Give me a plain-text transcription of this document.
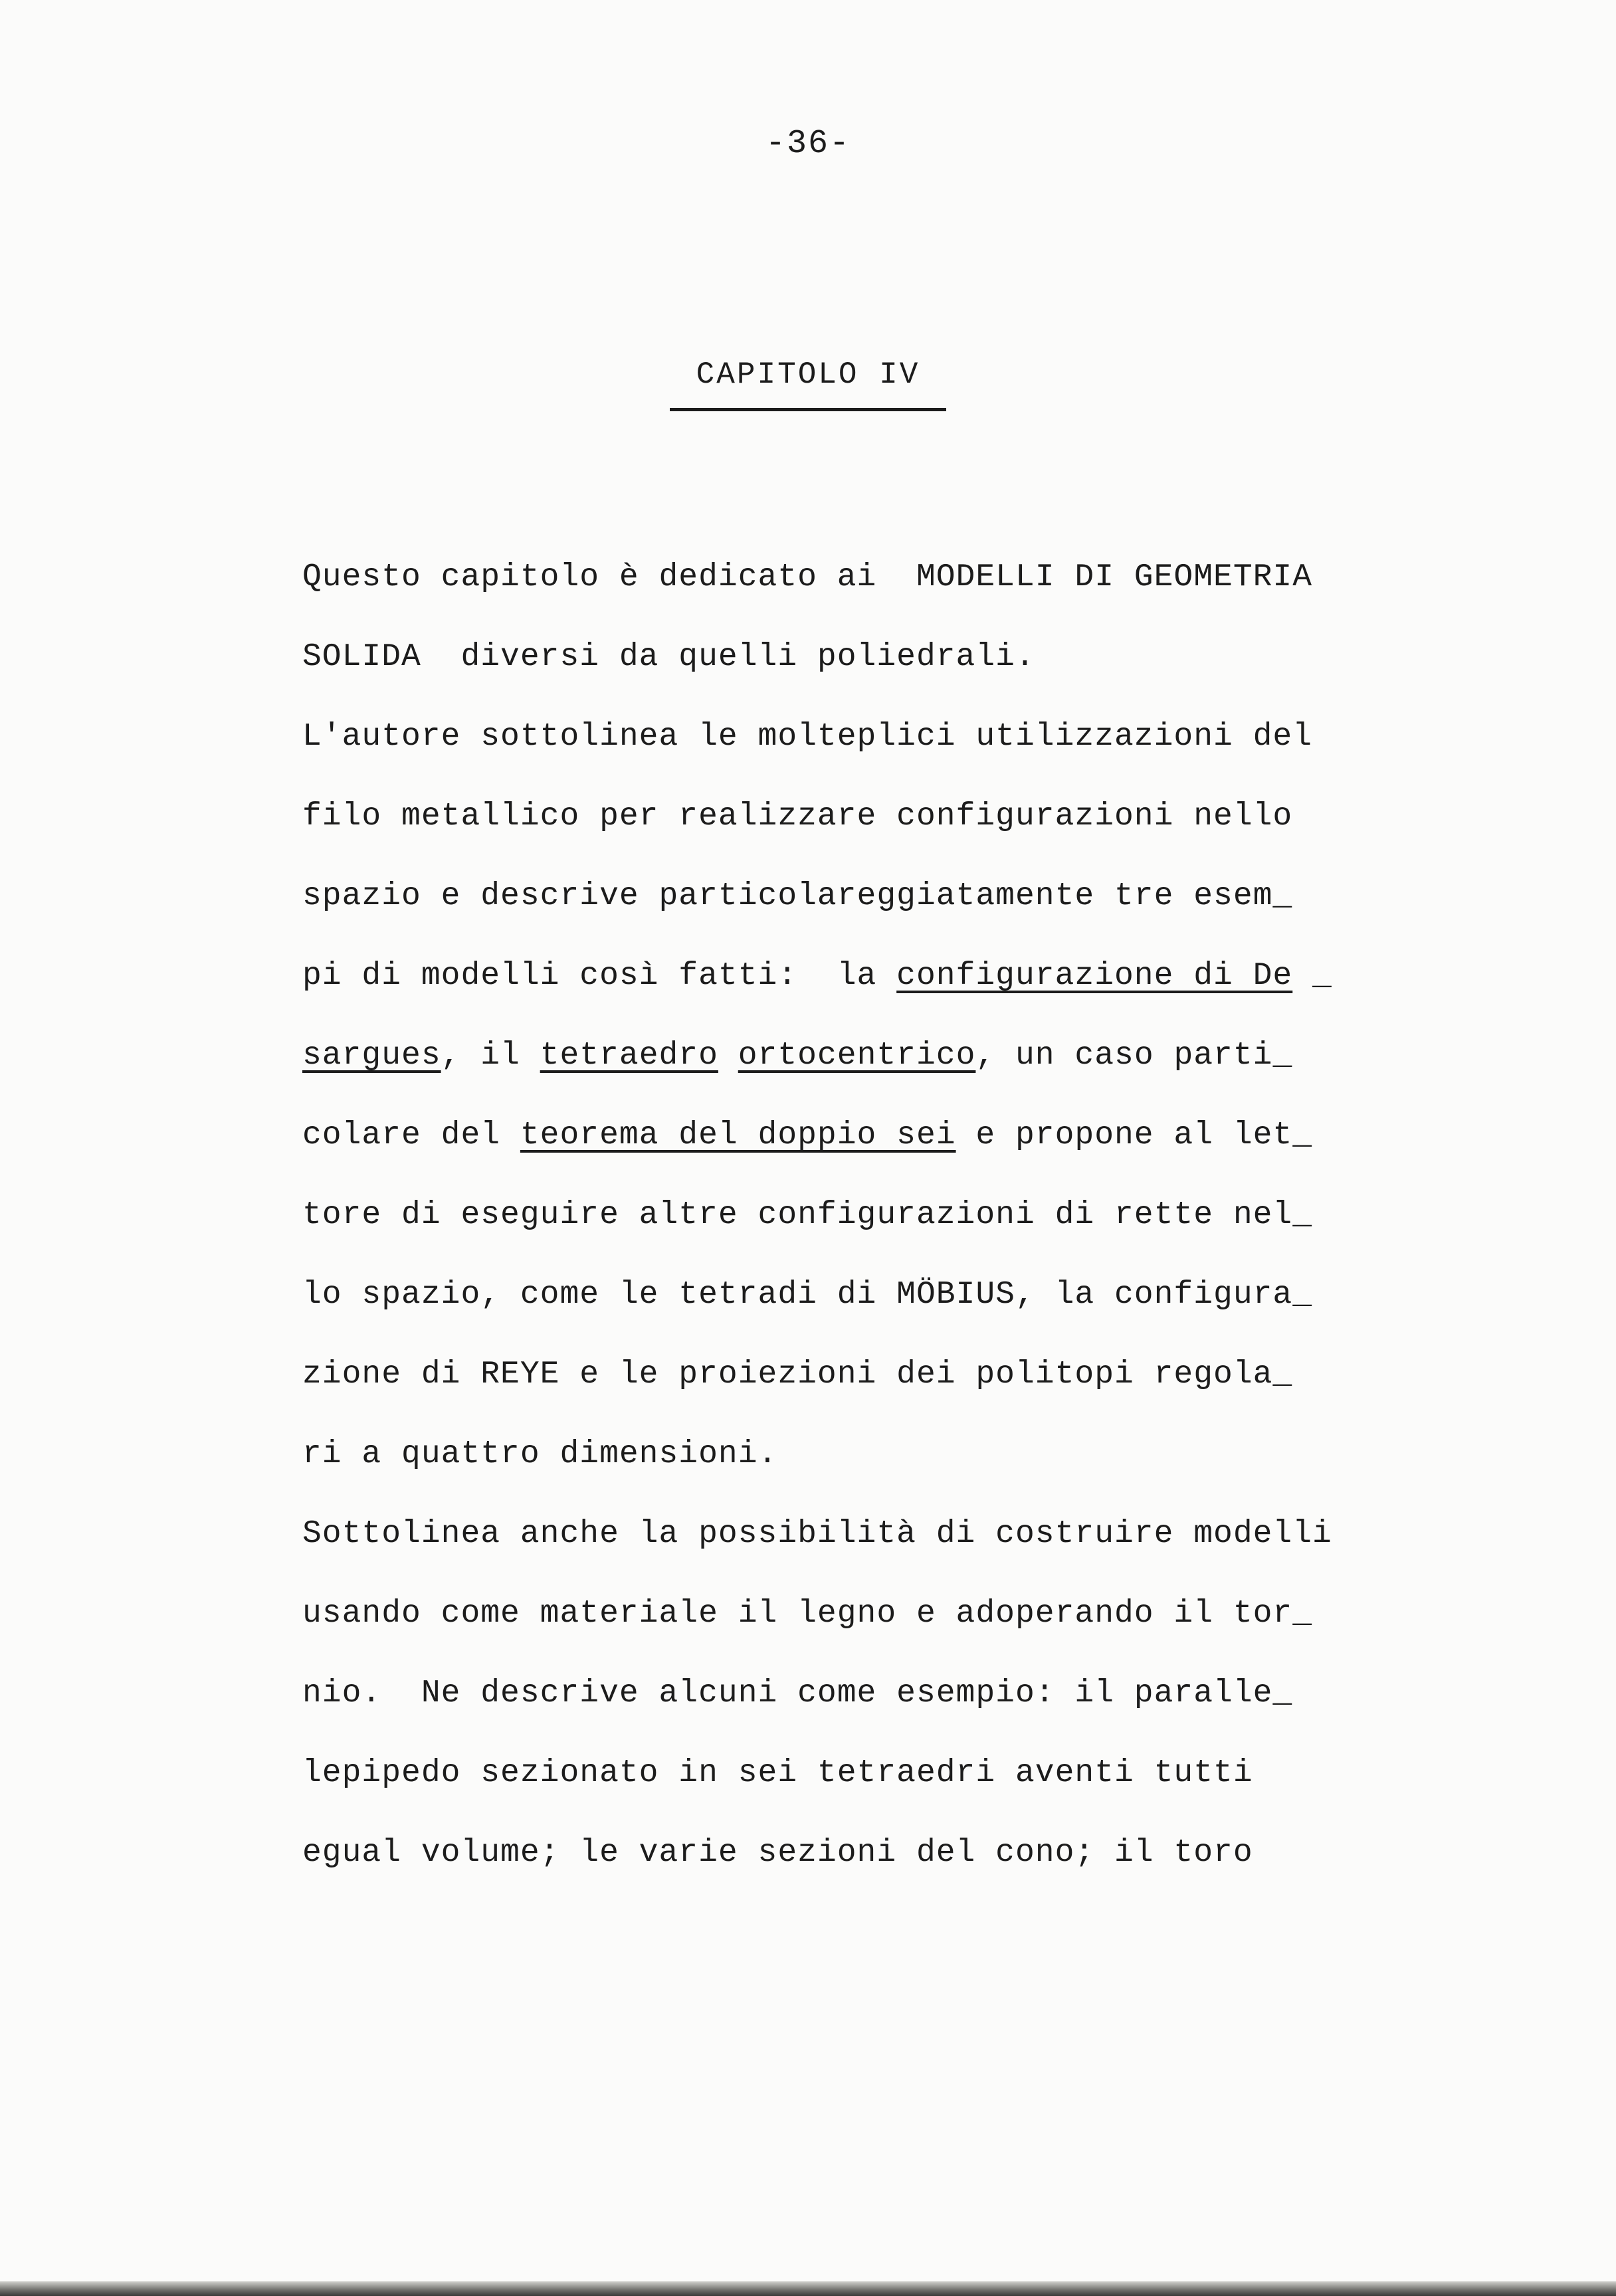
-36-
CAPITOLO IV
Questo capitolo è dedicato ai  MODELLI DI GEOMETRIA
SOLIDA  diversi da quelli poliedrali.
L'autore sottolinea le molteplici utilizzazioni del
filo metallico per realizzare configurazioni nello
spazio e descrive particolareggiatamente tre esem_
pi di modelli così fatti:  la configurazione di De _
sargues, il tetraedro ortocentrico, un caso parti_
colare del teorema del doppio sei e propone al let_
tore di eseguire altre configurazioni di rette nel_
lo spazio, come le tetradi di MÖBIUS, la configura_
zione di REYE e le proiezioni dei politopi regola_
ri a quattro dimensioni.
Sottolinea anche la possibilità di costruire modelli
usando come materiale il legno e adoperando il tor_
nio.  Ne descrive alcuni come esempio: il paralle_
lepipedo sezionato in sei tetraedri aventi tutti
egual volume; le varie sezioni del cono; il toro
